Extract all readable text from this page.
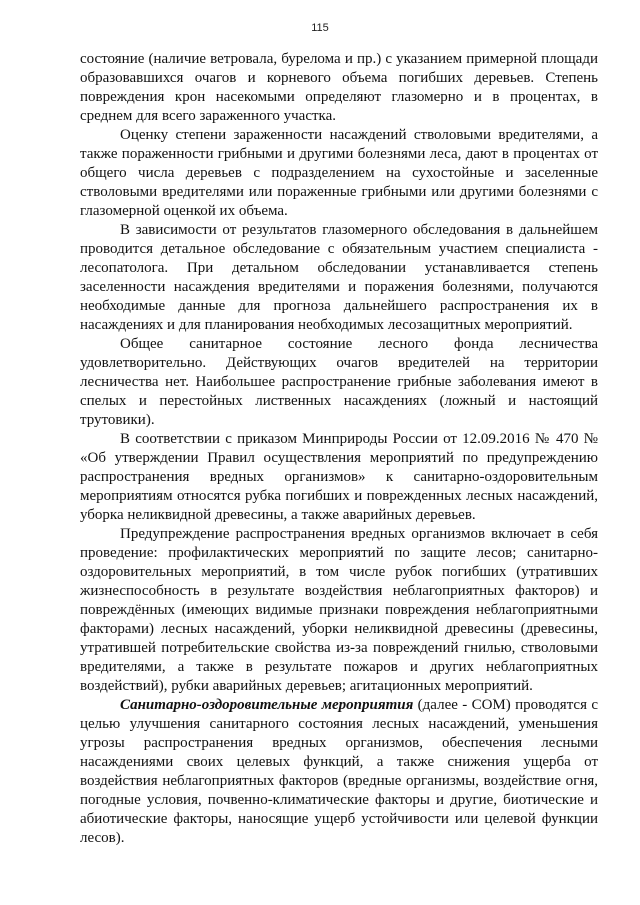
115

состояние (наличие ветровала, бурелома и пр.) с указанием примерной площади образовавшихся очагов и корневого объема погибших деревьев. Степень повреждения крон насекомыми определяют глазомерно и в процентах, в среднем для всего зараженного участка.

Оценку степени зараженности насаждений стволовыми вредителями, а также пораженности грибными и другими болезнями леса, дают в процентах от общего числа деревьев с подразделением на сухостойные и заселенные стволовыми вредителями или пораженные грибными или другими болезнями с глазомерной оценкой их объема.

В зависимости от результатов глазомерного обследования в дальнейшем проводится детальное обследование с обязательным участием специалиста - лесопатолога. При детальном обследовании устанавливается степень заселенности насаждения вредителями и поражения болезнями, получаются необходимые данные для прогноза дальнейшего распространения их в насаждениях и для планирования необходимых лесозащитных мероприятий.

Общее санитарное состояние лесного фонда лесничества удовлетворительно. Действующих очагов вредителей на территории лесничества нет. Наибольшее распространение грибные заболевания имеют в спелых и перестойных лиственных насаждениях (ложный и настоящий трутовики).

В соответствии с приказом Минприроды России от 12.09.2016 № 470 № «Об утверждении Правил осуществления мероприятий по предупреждению распространения вредных организмов» к санитарно-оздоровительным мероприятиям относятся рубка погибших и поврежденных лесных насаждений, уборка неликвидной древесины, а также аварийных деревьев.

Предупреждение распространения вредных организмов включает в себя проведение: профилактических мероприятий по защите лесов; санитарно-оздоровительных мероприятий, в том числе рубок погибших (утративших жизнеспособность в результате воздействия неблагоприятных факторов) и повреждённых (имеющих видимые признаки повреждения неблагоприятными факторами) лесных насаждений, уборки неликвидной древесины (древесины, утратившей потребительские свойства из-за повреждений гнилью, стволовыми вредителями, а также в результате пожаров и других неблагоприятных воздействий), рубки аварийных деревьев; агитационных мероприятий.

Санитарно-оздоровительные мероприятия (далее - СОМ) проводятся с целью улучшения санитарного состояния лесных насаждений, уменьшения угрозы распространения вредных организмов, обеспечения лесными насаждениями своих целевых функций, а также снижения ущерба от воздействия неблагоприятных факторов (вредные организмы, воздействие огня, погодные условия, почвенно-климатические факторы и другие, биотические и абиотические факторы, наносящие ущерб устойчивости или целевой функции лесов).
